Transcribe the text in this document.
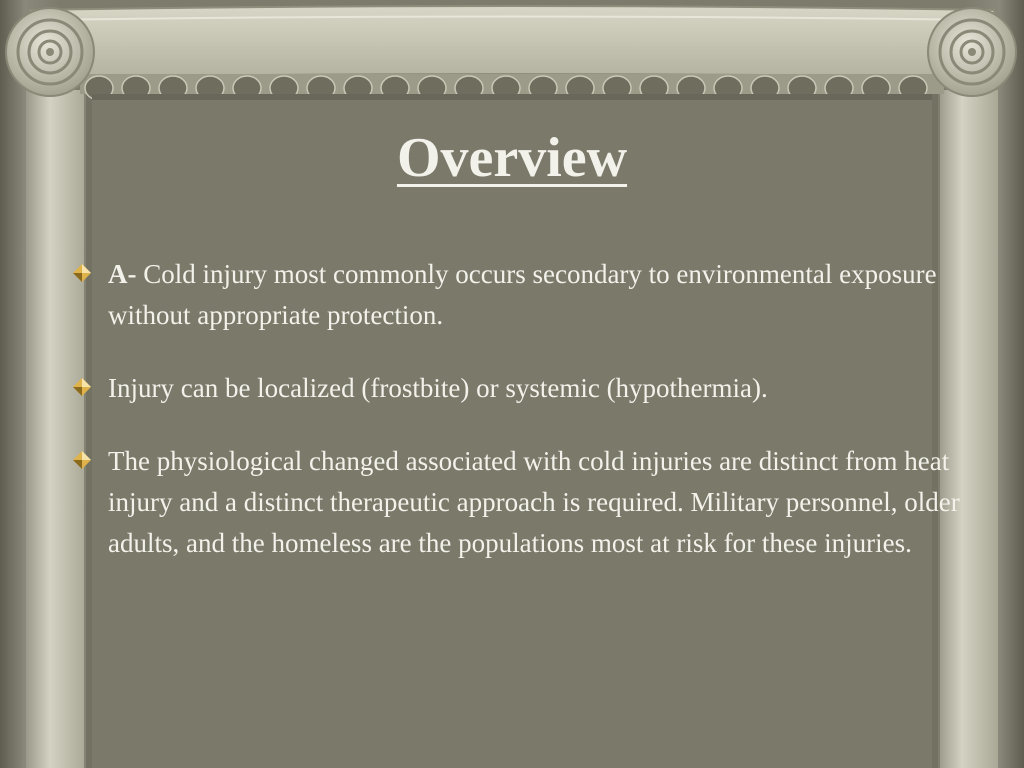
Overview
A- Cold injury most commonly occurs secondary to environmental exposure without appropriate protection.
Injury can be localized (frostbite) or systemic (hypothermia).
The physiological changed associated with cold injuries are distinct from heat injury and a distinct therapeutic approach is required. Military personnel, older adults, and the homeless are the populations most at risk for these injuries.
